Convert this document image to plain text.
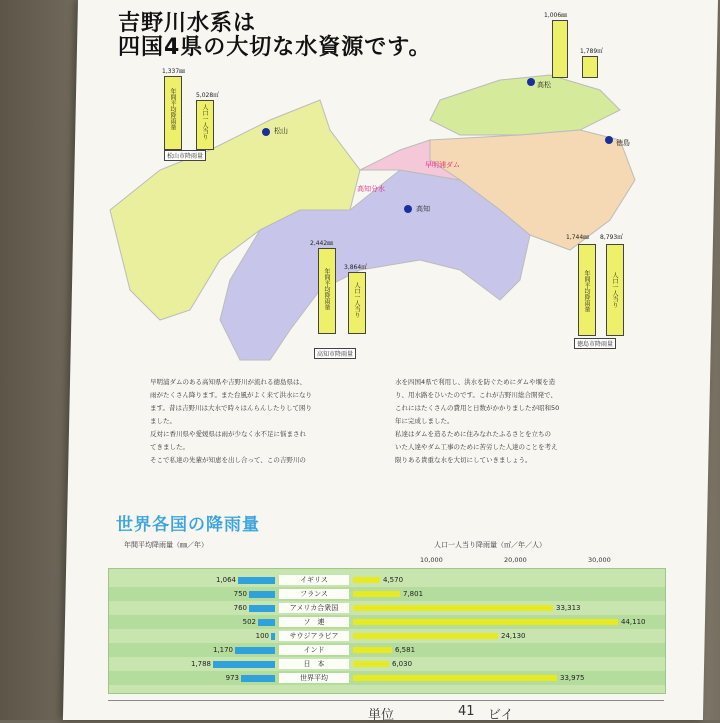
吉野川水系は
四国4県の大切な水資源です。
松山
高知
徳島
高松
早明浦ダム
高知分水
1,337㎜
5,028㎥
年間平均降雨量	人口一人当り
松山市降雨量
2,442㎜
3,864㎥
年間平均降雨量	人口一人当り
高知市降雨量
1,744㎜ 8,793㎥
年間平均降雨量	人口一人当り
徳島市降雨量
1,006㎜
1,789㎥
早明浦ダムのある高知県や吉野川が流れる徳島県は、
雨がたくさん降ります。また台風がよく来て洪水になり
ます。昔は吉野川は大水で時々はんらんしたりして困り
ました。
反対に香川県や愛媛県は雨が少なく水不足に悩まされ
てきました。
そこで私達の先輩が知恵を出し合って、この吉野川の
水を四国4県で利用し、洪水を防ぐためにダムや堰を造
り、用水路をひいたのです。これが吉野川総合開発で、
これにはたくさんの費用と日数がかかりましたが昭和50
年に完成しました。
私達はダムを造るために住みなれたふるさとを立ちの
いた人達やダム工事のために苦労した人達のことを考え
限りある貴重な水を大切にしていきましょう。
世界各国の降雨量
年間平均降雨量（㎜／年）	人口一人当り降雨量（㎥／年／人）
10,000	20,000	30,000
1,064	イギリス	4,570
750	フランス	7,801
760	アメリカ合衆国	33,313
502	ソ　連	44,110
100	サウジアラビア	24,130
1,170	インド	6,581
1,788	日　本	6,030
973	世界平均	33,975
単位	41 ビイ
